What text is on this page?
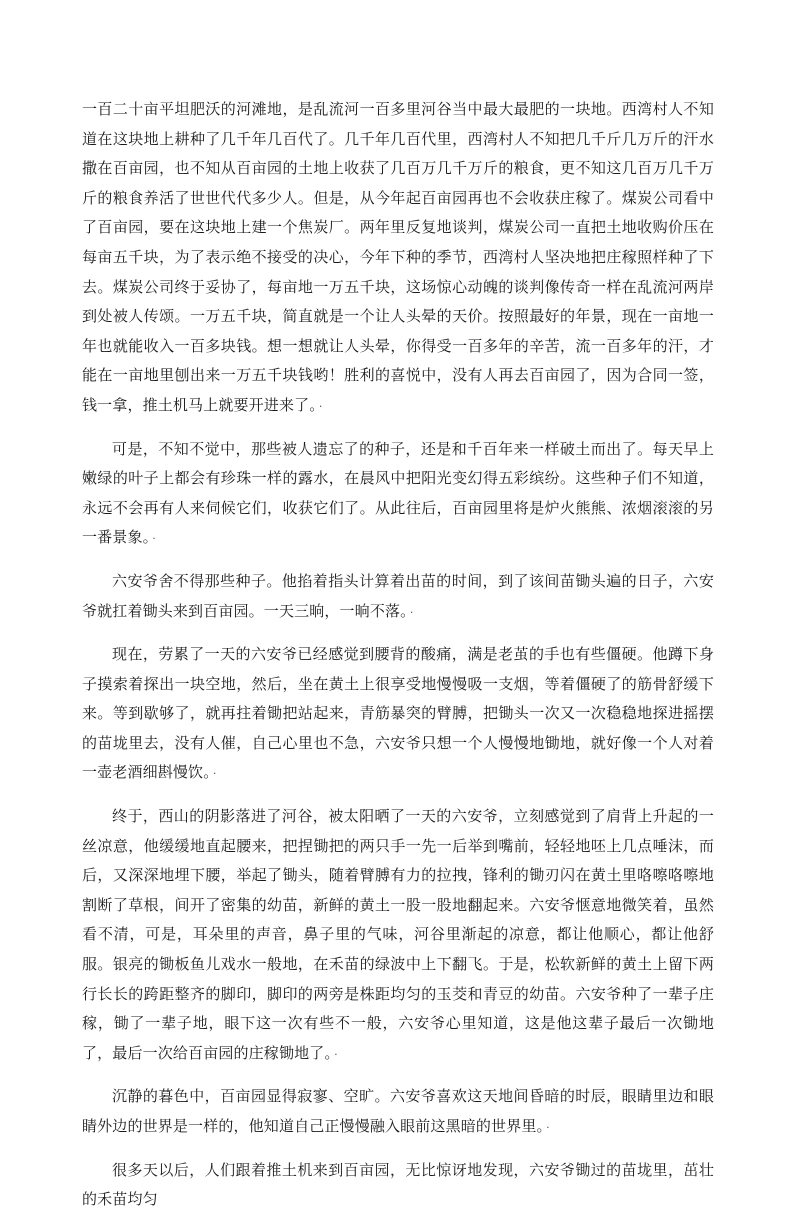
一百二十亩平坦肥沃的河滩地，是乱流河一百多里河谷当中最大最肥的一块地。西湾村人不知道在这块地上耕种了几千年几百代了。几千年几百代里，西湾村人不知把几千斤几万斤的汗水撒在百亩园，也不知从百亩园的土地上收获了几百万几千万斤的粮食，更不知这几百万几千万斤的粮食养活了世世代代多少人。但是，从今年起百亩园再也不会收获庄稼了。煤炭公司看中了百亩园，要在这块地上建一个焦炭厂。两年里反复地谈判，煤炭公司一直把土地收购价压在每亩五千块，为了表示绝不接受的决心，今年下种的季节，西湾村人坚决地把庄稼照样种了下去。煤炭公司终于妥协了，每亩地一万五千块，这场惊心动魄的谈判像传奇一样在乱流河两岸到处被人传颂。一万五千块，简直就是一个让人头晕的天价。按照最好的年景，现在一亩地一年也就能收入一百多块钱。想一想就让人头晕，你得受一百多年的辛苦，流一百多年的汗，才能在一亩地里刨出来一万五千块钱哟！胜利的喜悦中，没有人再去百亩园了，因为合同一签，钱一拿，推土机马上就要开进来了。 ·

可是，不知不觉中，那些被人遗忘了的种子，还是和千百年来一样破土而出了。每天早上嫩绿的叶子上都会有珍珠一样的露水，在晨风中把阳光变幻得五彩缤纷。这些种子们不知道，永远不会再有人来伺候它们，收获它们了。从此往后，百亩园里将是炉火熊熊、浓烟滚滚的另一番景象。 ·

六安爷舍不得那些种子。他掐着指头计算着出苗的时间，到了该间苗锄头遍的日子，六安爷就扛着锄头来到百亩园。一天三晌，一晌不落。 ·

现在，劳累了一天的六安爷已经感觉到腰背的酸痛，满是老茧的手也有些僵硬。他蹲下身子摸索着探出一块空地，然后，坐在黄土上很享受地慢慢吸一支烟，等着僵硬了的筋骨舒缓下来。等到歇够了，就再拄着锄把站起来，青筋暴突的臂膊，把锄头一次又一次稳稳地探进摇摆的苗垅里去，没有人催，自己心里也不急，六安爷只想一个人慢慢地锄地，就好像一个人对着一壶老酒细斟慢饮。 ·

终于，西山的阴影落进了河谷，被太阳晒了一天的六安爷，立刻感觉到了肩背上升起的一丝凉意，他缓缓地直起腰来，把捏锄把的两只手一先一后举到嘴前，轻轻地呸上几点唾沫，而后，又深深地埋下腰，举起了锄头，随着臂膊有力的拉拽，锋利的锄刃闪在黄土里咯嚓咯嚓地割断了草根，间开了密集的幼苗，新鲜的黄土一股一股地翻起来。六安爷惬意地微笑着，虽然看不清，可是，耳朵里的声音，鼻子里的气味，河谷里渐起的凉意，都让他顺心，都让他舒服。银亮的锄板鱼儿戏水一般地，在禾苗的绿波中上下翻飞。于是，松软新鲜的黄土上留下两行长长的跨距整齐的脚印，脚印的两旁是株距均匀的玉茭和青豆的幼苗。六安爷种了一辈子庄稼，锄了一辈子地，眼下这一次有些不一般，六安爷心里知道，这是他这辈子最后一次锄地了，最后一次给百亩园的庄稼锄地了。 ·

沉静的暮色中，百亩园显得寂寥、空旷。六安爷喜欢这天地间昏暗的时辰，眼睛里边和眼睛外边的世界是一样的，他知道自己正慢慢融入眼前这黑暗的世界里。 ·

很多天以后，人们跟着推土机来到百亩园，无比惊讶地发现，六安爷锄过的苗垅里，茁壮的禾苗均匀
